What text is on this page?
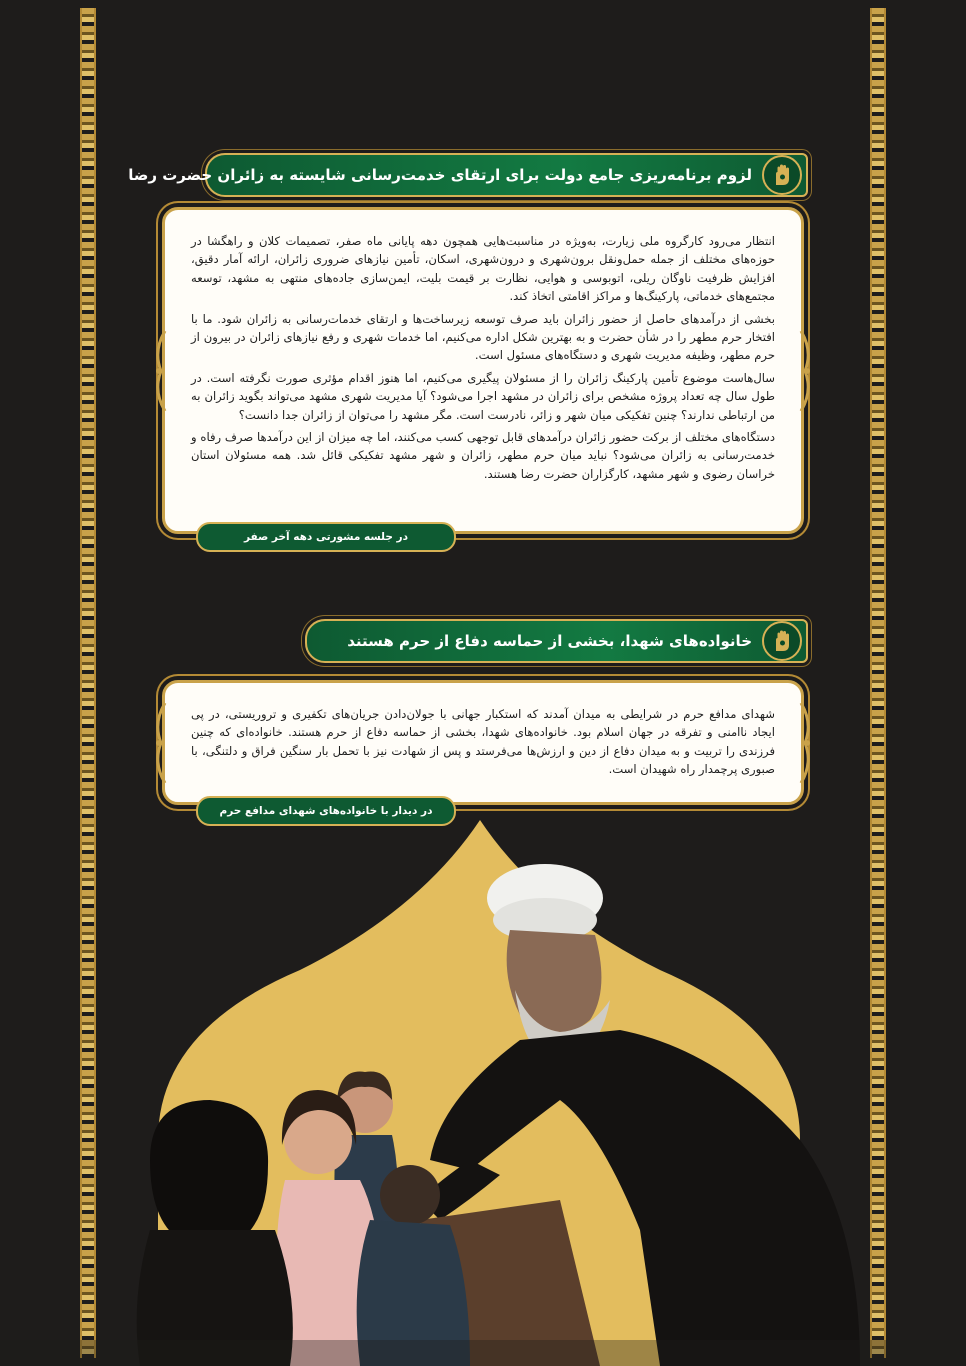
لزوم برنامه‌ریزی جامع دولت برای ارتقای خدمت‌رسانی شایسته به زائران حضرت رضا

انتظار می‌رود کارگروه ملی زیارت، به‌ویژه در مناسبت‌هایی همچون دهه پایانی ماه صفر، تصمیمات کلان و راهگشا در حوزه‌های مختلف از جمله حمل‌ونقل برون‌شهری و درون‌شهری، اسکان، تأمین نیازهای ضروری زائران، ارائه آمار دقیق، افزایش ظرفیت ناوگان ریلی، اتوبوسی و هوایی، نظارت بر قیمت بلیت، ایمن‌سازی جاده‌های منتهی به مشهد، توسعه مجتمع‌های خدماتی، پارکینگ‌ها و مراکز اقامتی اتخاذ کند.

بخشی از درآمدهای حاصل از حضور زائران باید صرف توسعه زیرساخت‌ها و ارتقای خدمات‌رسانی به زائران شود. ما با افتخار حرم مطهر را در شأن حضرت و به بهترین شکل اداره می‌کنیم، اما خدمات شهری و رفع نیازهای زائران در بیرون از حرم مطهر، وظیفه مدیریت شهری و دستگاه‌های مسئول است.

سال‌هاست موضوع تأمین پارکینگ زائران را از مسئولان پیگیری می‌کنیم، اما هنوز اقدام مؤثری صورت نگرفته است. در طول سال چه تعداد پروژه مشخص برای زائران در مشهد اجرا می‌شود؟ آیا مدیریت شهری مشهد می‌تواند بگوید زائران به من ارتباطی ندارند؟ چنین تفکیکی میان شهر و زائر، نادرست است. مگر مشهد را می‌توان از زائران جدا دانست؟

دستگاه‌های مختلف از برکت حضور زائران درآمدهای قابل توجهی کسب می‌کنند، اما چه میزان از این درآمدها صرف رفاه و خدمت‌رسانی به زائران می‌شود؟ نباید میان حرم مطهر، زائران و شهر مشهد تفکیکی قائل شد. همه مسئولان استان خراسان رضوی و شهر مشهد، کارگزاران حضرت رضا هستند.

در جلسه مشورتی دهه آخر صفر
خانواده‌های شهدا، بخشی از حماسه دفاع از حرم هستند

شهدای مدافع حرم در شرایطی به میدان آمدند که استکبار جهانی با جولان‌دادن جریان‌های تکفیری و تروریستی، در پی ایجاد ناامنی و تفرقه در جهان اسلام بود. خانواده‌های شهدا، بخشی از حماسه دفاع از حرم هستند. خانواده‌ای که چنین فرزندی را تربیت و به میدان دفاع از دین و ارزش‌ها می‌فرستد و پس از شهادت نیز با تحمل بار سنگین فراق و دلتنگی، با صبوری پرچمدار راه شهیدان است.

در دیدار با خانواده‌های شهدای مدافع حرم
